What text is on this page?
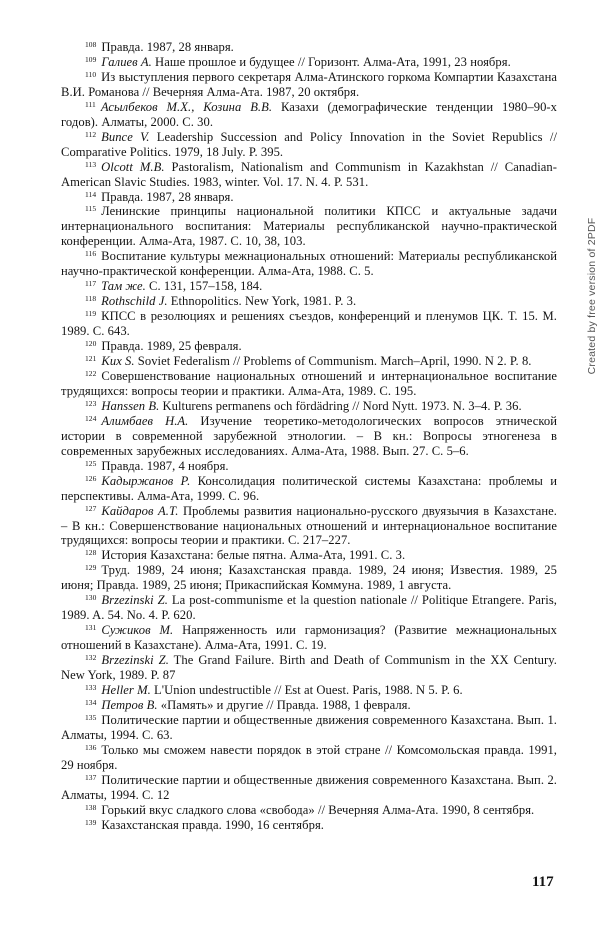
$^{108}$ Правда. 1987, 28 января.

$^{109}$ Галиев А. Наше прошлое и будущее // Горизонт. Алма-Ата, 1991, 23 ноября.

$^{110}$ Из выступления первого секретаря Алма-Атинского горкома Компартии Казахстана В.И. Романова // Вечерняя Алма-Ата. 1987, 20 октября.

$^{111}$ Асылбеков М.Х., Козина В.В. Казахи (демографические тенденции 1980–90-х годов). Алматы, 2000. С. 30.

$^{112}$ Bunce V. Leadership Succession and Policy Innovation in the Soviet Republics // Comparative Politics. 1979, 18 July. P. 395.

$^{113}$ Olcott M.B. Pastoralism, Nationalism and Communism in Kazakhstan // Canadian-American Slavic Studies. 1983, winter. Vol. 17. N. 4. P. 531.

$^{114}$ Правда. 1987, 28 января.

$^{115}$ Ленинские принципы национальной политики КПСС и актуальные задачи интернационального воспитания: Материалы республиканской научно-практической конференции. Алма-Ата, 1987. С. 10, 38, 103.

$^{116}$ Воспитание культуры межнациональных отношений: Материалы республиканской научно-практической конференции. Алма-Ата, 1988. С. 5.

$^{117}$ Там же. С. 131, 157–158, 184.

$^{118}$ Rothschild J. Ethnopolitics. New York, 1981. P. 3.

$^{119}$ КПСС в резолюциях и решениях съездов, конференций и пленумов ЦК. Т. 15. М. 1989. С. 643.

$^{120}$ Правда. 1989, 25 февраля.

$^{121}$ Kux S. Soviet Federalism // Problems of Communism. March–April, 1990. N 2. P. 8.

$^{122}$ Совершенствование национальных отношений и интернациональное воспитание трудящихся: вопросы теории и практики. Алма-Ата, 1989. С. 195.

$^{123}$ Hanssen B. Kulturens permanens och fördädring // Nord Nytt. 1973. N. 3–4. P. 36.

$^{124}$ Алимбаев Н.А. Изучение теоретико-методологических вопросов этнической истории в современной зарубежной этнологии. – В кн.: Вопросы этногенеза в современных зарубежных исследованиях. Алма-Ата, 1988. Вып. 27. С. 5–6.

$^{125}$ Правда. 1987, 4 ноября.

$^{126}$ Кадыржанов Р. Консолидация политической системы Казахстана: проблемы и перспективы. Алма-Ата, 1999. С. 96.

$^{127}$ Кайдаров А.Т. Проблемы развития национально-русского двуязычия в Казахстане. – В кн.: Совершенствование национальных отношений и интернациональное воспитание трудящихся: вопросы теории и практики. С. 217–227.

$^{128}$ История Казахстана: белые пятна. Алма-Ата, 1991. С. 3.

$^{129}$ Труд. 1989, 24 июня; Казахстанская правда. 1989, 24 июня; Известия. 1989, 25 июня; Правда. 1989, 25 июня; Прикаспийская Коммуна. 1989, 1 августа.

$^{130}$ Brzezinski Z. La post-communisme et la question nationale // Politique Etrangere. Paris, 1989. A. 54. No. 4. P. 620.

$^{131}$ Сужиков М. Напряженность или гармонизация? (Развитие межнациональных отношений в Казахстане). Алма-Ата, 1991. С. 19.

$^{132}$ Brzezinski Z. The Grand Failure. Birth and Death of Communism in the XX Century. New York, 1989. P. 87

$^{133}$ Heller M. L'Union undestructible // Est at Ouest. Paris, 1988. N 5. P. 6.

$^{134}$ Петров В. «Память» и другие // Правда. 1988, 1 февраля.

$^{135}$ Политические партии и общественные движения современного Казахстана. Вып. 1. Алматы, 1994. С. 63.

$^{136}$ Только мы сможем навести порядок в этой стране // Комсомольская правда. 1991, 29 ноября.

$^{137}$ Политические партии и общественные движения современного Казахстана. Вып. 2. Алматы, 1994. С. 12

$^{138}$ Горький вкус сладкого слова «свобода» // Вечерняя Алма-Ата. 1990, 8 сентября.

$^{139}$ Казахстанская правда. 1990, 16 сентября.

117
Created by free version of 2PDF
